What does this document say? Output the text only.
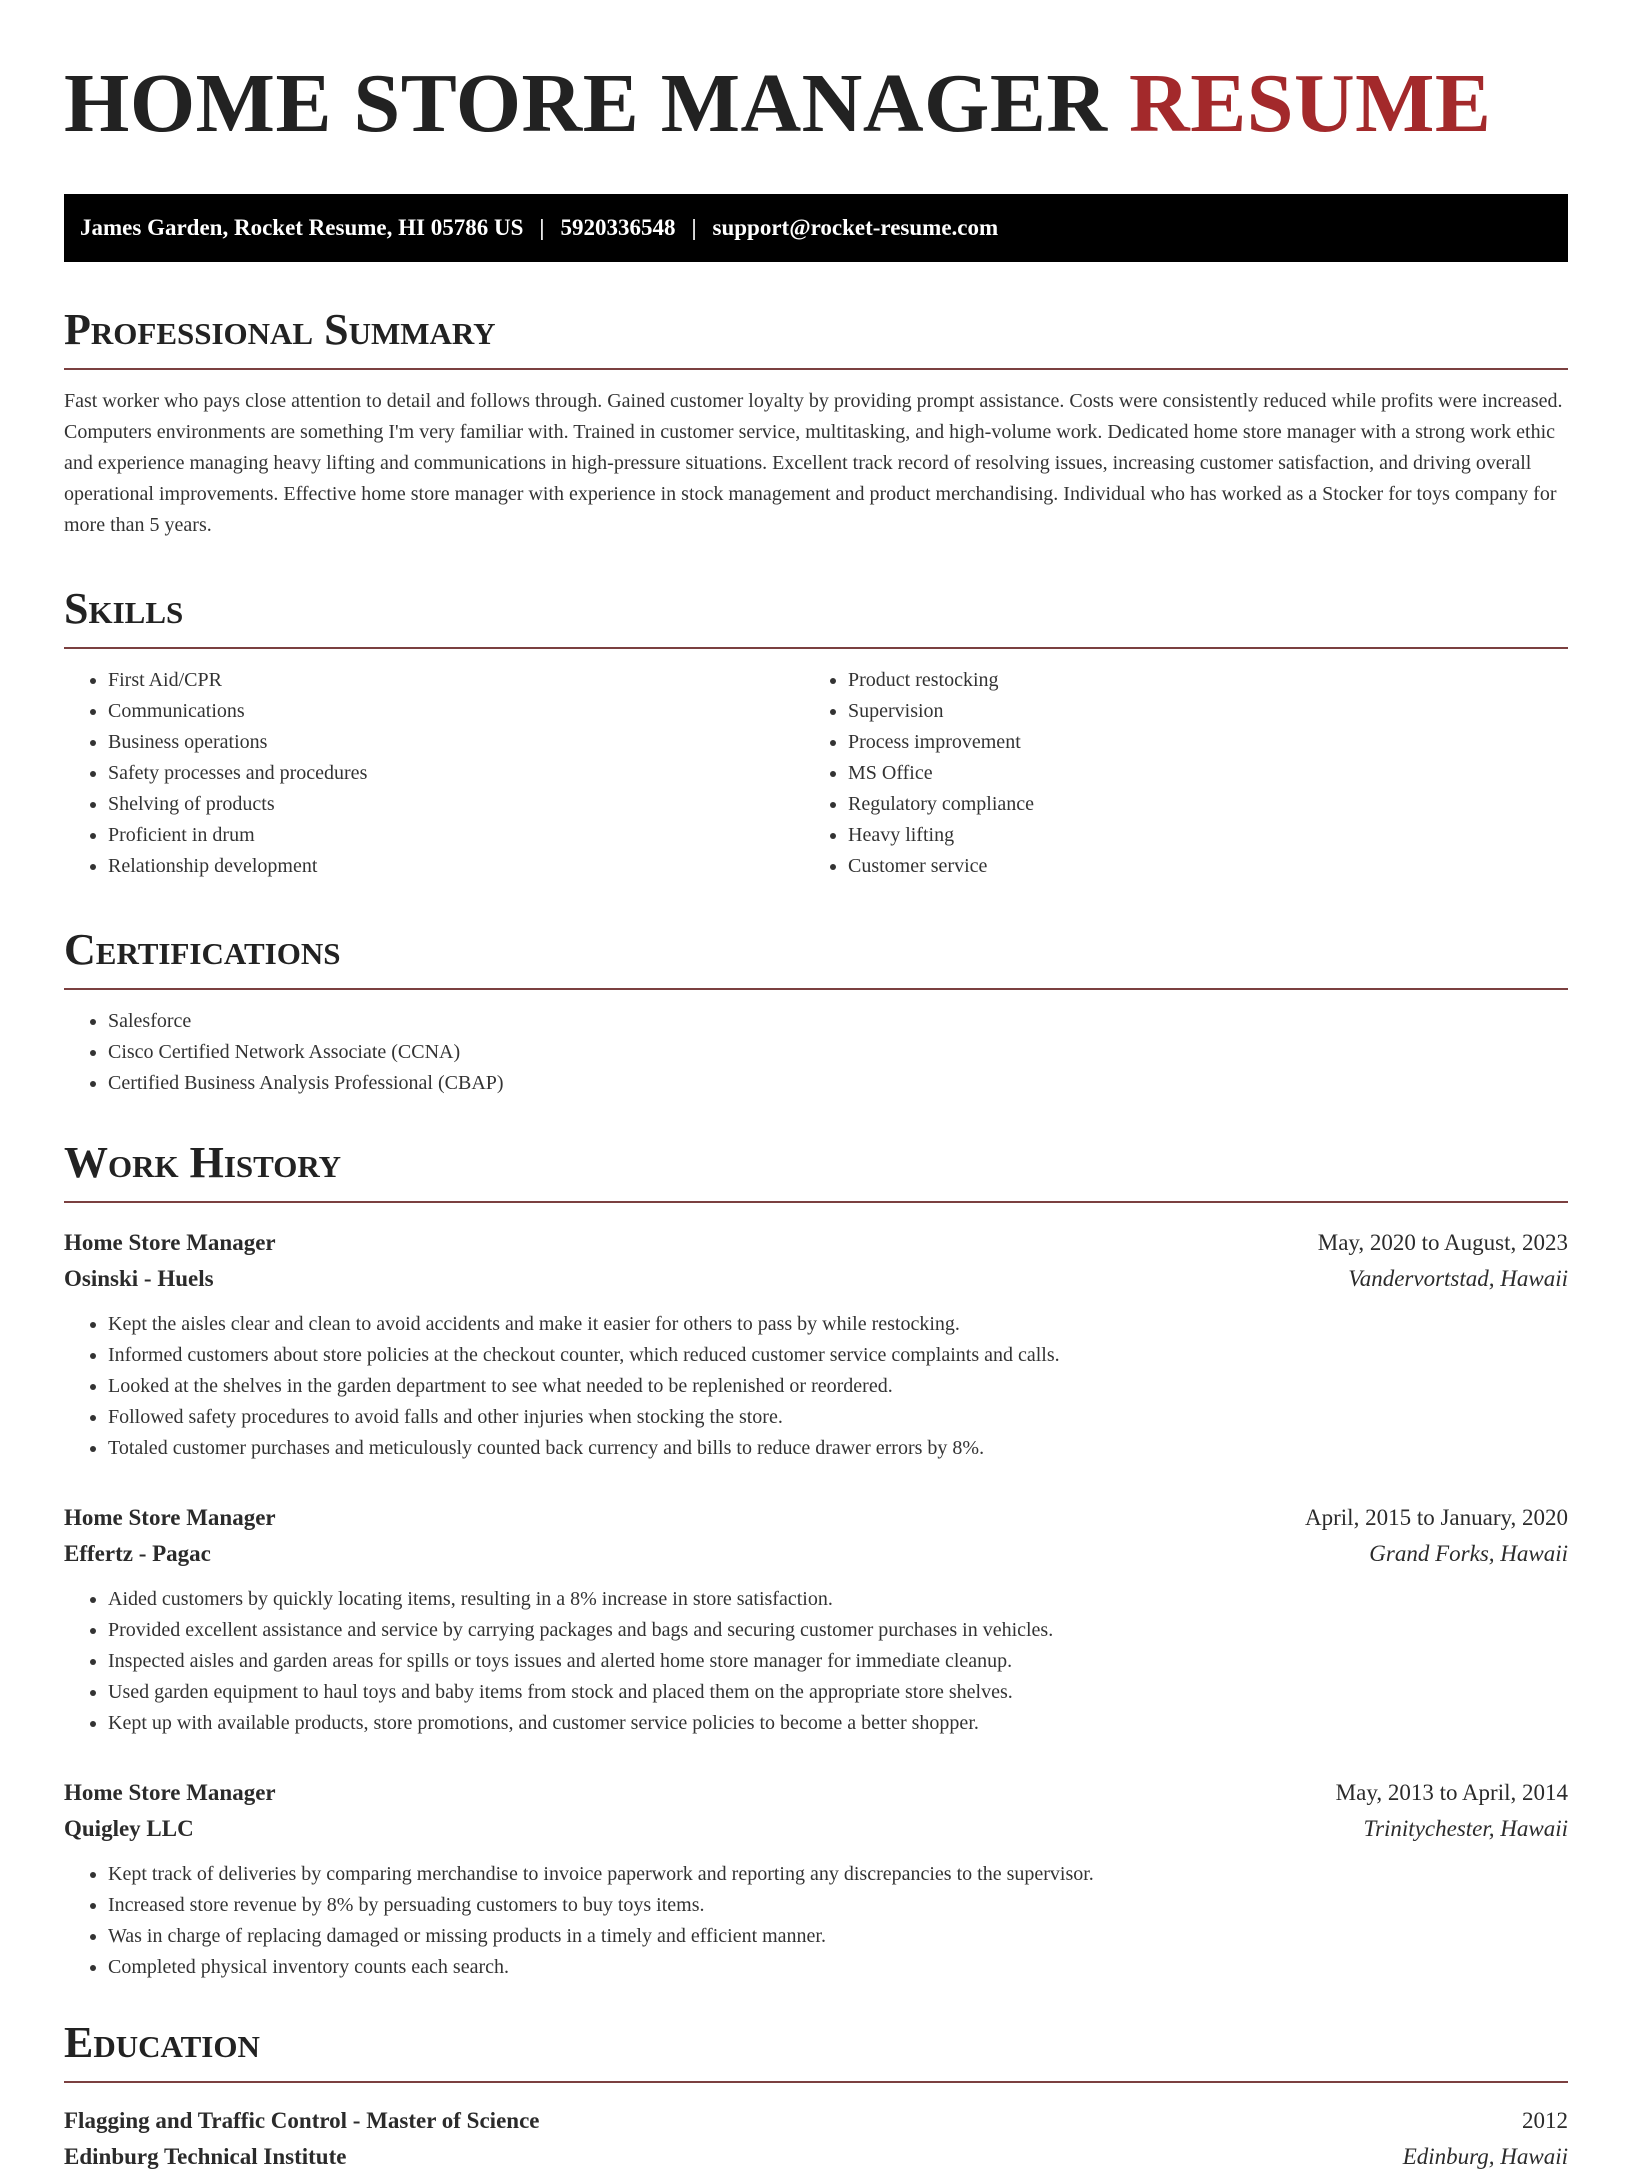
HOME STORE MANAGER RESUME
James Garden, Rocket Resume, HI 05786 US | 5920336548 | support@rocket-resume.com
Professional Summary

Fast worker who pays close attention to detail and follows through. Gained customer loyalty by providing prompt assistance. Costs were consistently reduced while profits were increased. Computers environments are something I'm very familiar with. Trained in customer service, multitasking, and high-volume work. Dedicated home store manager with a strong work ethic and experience managing heavy lifting and communications in high-pressure situations. Excellent track record of resolving issues, increasing customer satisfaction, and driving overall operational improvements. Effective home store manager with experience in stock management and product merchandising. Individual who has worked as a Stocker for toys company for more than 5 years.

Skills
• First Aid/CPR
• Communications
• Business operations
• Safety processes and procedures
• Shelving of products
• Proficient in drum
• Relationship development
• Product restocking
• Supervision
• Process improvement
• MS Office
• Regulatory compliance
• Heavy lifting
• Customer service
Certifications
• Salesforce
• Cisco Certified Network Associate (CCNA)
• Certified Business Analysis Professional (CBAP)
Work History
Home Store Manager	May, 2020 to August, 2023
Osinski - Huels	Vandervortstad, Hawaii
• Kept the aisles clear and clean to avoid accidents and make it easier for others to pass by while restocking.
• Informed customers about store policies at the checkout counter, which reduced customer service complaints and calls.
• Looked at the shelves in the garden department to see what needed to be replenished or reordered.
• Followed safety procedures to avoid falls and other injuries when stocking the store.
• Totaled customer purchases and meticulously counted back currency and bills to reduce drawer errors by 8%.
Home Store Manager	April, 2015 to January, 2020
Effertz - Pagac	Grand Forks, Hawaii
• Aided customers by quickly locating items, resulting in a 8% increase in store satisfaction.
• Provided excellent assistance and service by carrying packages and bags and securing customer purchases in vehicles.
• Inspected aisles and garden areas for spills or toys issues and alerted home store manager for immediate cleanup.
• Used garden equipment to haul toys and baby items from stock and placed them on the appropriate store shelves.
• Kept up with available products, store promotions, and customer service policies to become a better shopper.
Home Store Manager	May, 2013 to April, 2014
Quigley LLC	Trinitychester, Hawaii
• Kept track of deliveries by comparing merchandise to invoice paperwork and reporting any discrepancies to the supervisor.
• Increased store revenue by 8% by persuading customers to buy toys items.
• Was in charge of replacing damaged or missing products in a timely and efficient manner.
• Completed physical inventory counts each search.
Education
Flagging and Traffic Control - Master of Science	2012
Edinburg Technical Institute	Edinburg, Hawaii
